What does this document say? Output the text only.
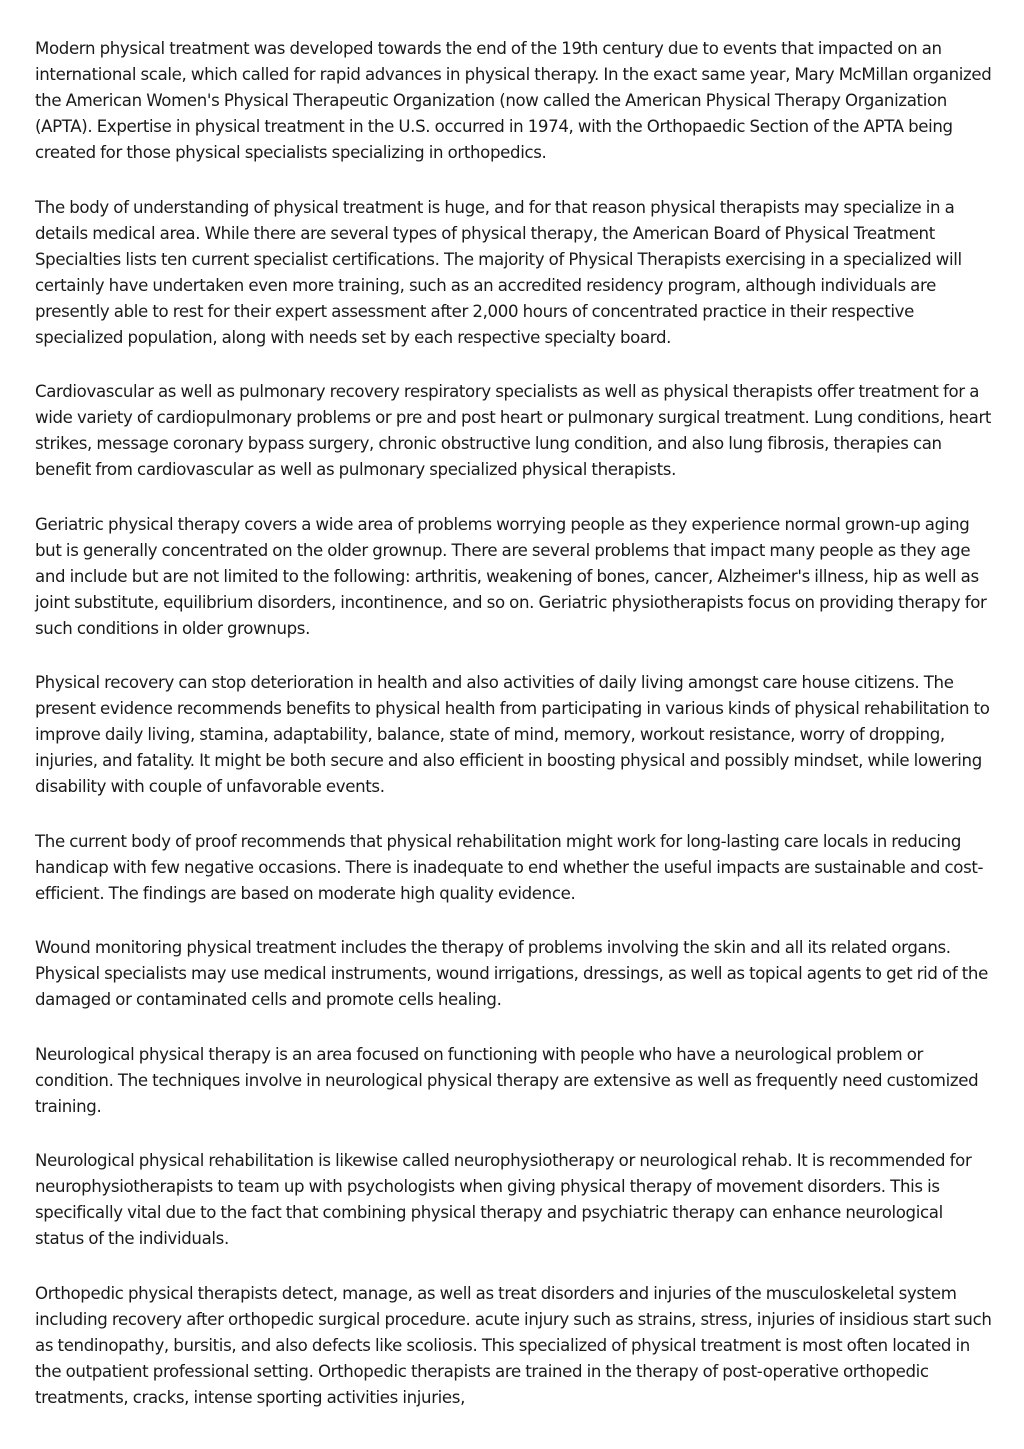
Modern physical treatment was developed towards the end of the 19th century due to events that impacted on an international scale, which called for rapid advances in physical therapy. In the exact same year, Mary McMillan organized the American Women's Physical Therapeutic Organization (now called the American Physical Therapy Organization (APTA). Expertise in physical treatment in the U.S. occurred in 1974, with the Orthopaedic Section of the APTA being created for those physical specialists specializing in orthopedics.

The body of understanding of physical treatment is huge, and for that reason physical therapists may specialize in a details medical area. While there are several types of physical therapy, the American Board of Physical Treatment Specialties lists ten current specialist certifications. The majority of Physical Therapists exercising in a specialized will certainly have undertaken even more training, such as an accredited residency program, although individuals are presently able to rest for their expert assessment after 2,000 hours of concentrated practice in their respective specialized population, along with needs set by each respective specialty board.

Cardiovascular as well as pulmonary recovery respiratory specialists as well as physical therapists offer treatment for a wide variety of cardiopulmonary problems or pre and post heart or pulmonary surgical treatment. Lung conditions, heart strikes, message coronary bypass surgery, chronic obstructive lung condition, and also lung fibrosis, therapies can benefit from cardiovascular as well as pulmonary specialized physical therapists.

Geriatric physical therapy covers a wide area of problems worrying people as they experience normal grown-up aging but is generally concentrated on the older grownup. There are several problems that impact many people as they age and include but are not limited to the following: arthritis, weakening of bones, cancer, Alzheimer's illness, hip as well as joint substitute, equilibrium disorders, incontinence, and so on. Geriatric physiotherapists focus on providing therapy for such conditions in older grownups.

Physical recovery can stop deterioration in health and also activities of daily living amongst care house citizens. The present evidence recommends benefits to physical health from participating in various kinds of physical rehabilitation to improve daily living, stamina, adaptability, balance, state of mind, memory, workout resistance, worry of dropping, injuries, and fatality. It might be both secure and also efficient in boosting physical and possibly mindset, while lowering disability with couple of unfavorable events.

The current body of proof recommends that physical rehabilitation might work for long-lasting care locals in reducing handicap with few negative occasions. There is inadequate to end whether the useful impacts are sustainable and cost-efficient. The findings are based on moderate high quality evidence.

Wound monitoring physical treatment includes the therapy of problems involving the skin and all its related organs. Physical specialists may use medical instruments, wound irrigations, dressings, as well as topical agents to get rid of the damaged or contaminated cells and promote cells healing.

Neurological physical therapy is an area focused on functioning with people who have a neurological problem or condition. The techniques involve in neurological physical therapy are extensive as well as frequently need customized training.

Neurological physical rehabilitation is likewise called neurophysiotherapy or neurological rehab. It is recommended for neurophysiotherapists to team up with psychologists when giving physical therapy of movement disorders. This is specifically vital due to the fact that combining physical therapy and psychiatric therapy can enhance neurological status of the individuals.

Orthopedic physical therapists detect, manage, as well as treat disorders and injuries of the musculoskeletal system including recovery after orthopedic surgical procedure. acute injury such as strains, stress, injuries of insidious start such as tendinopathy, bursitis, and also defects like scoliosis. This specialized of physical treatment is most often located in the outpatient professional setting. Orthopedic therapists are trained in the therapy of post-operative orthopedic treatments, cracks, intense sporting activities injuries,
